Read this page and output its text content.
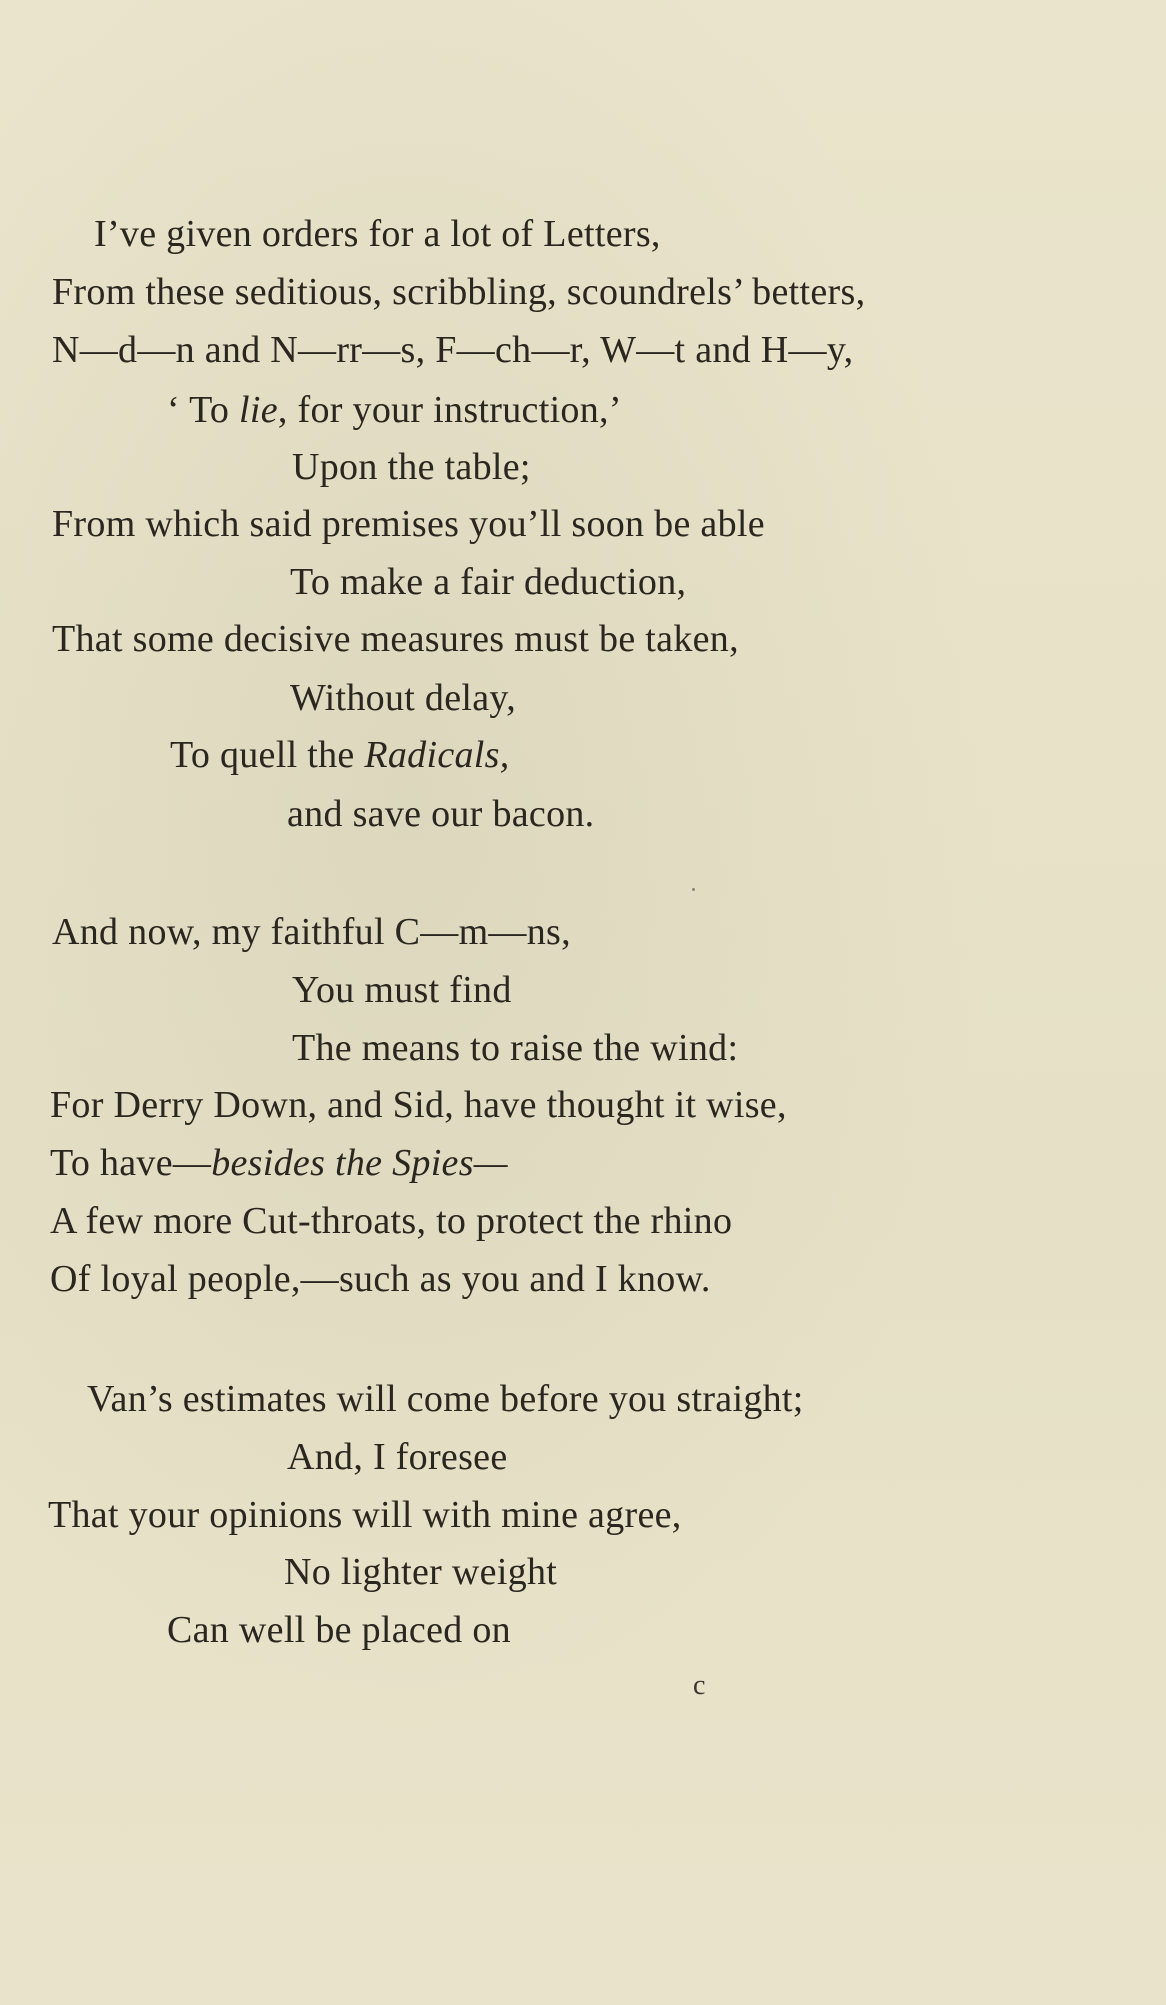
I’ve given orders for a lot of Letters,
From these seditious, scribbling, scoundrels’ betters,
N—d—n and N—rr—s, F—ch—r, W—t and H—y,
‘ To lie, for your instruction,’
Upon the table;
From which said premises you’ll soon be able
To make a fair deduction,
That some decisive measures must be taken,
Without delay,
To quell the Radicals,
and save our bacon.
And now, my faithful C—m—ns,
You must find
The means to raise the wind:
For Derry Down, and Sid, have thought it wise,
To have—besides the Spies—
A few more Cut-throats, to protect the rhino
Of loyal people,—such as you and I know.
Van’s estimates will come before you straight;
And, I foresee
That your opinions will with mine agree,
No lighter weight
Can well be placed on
c
